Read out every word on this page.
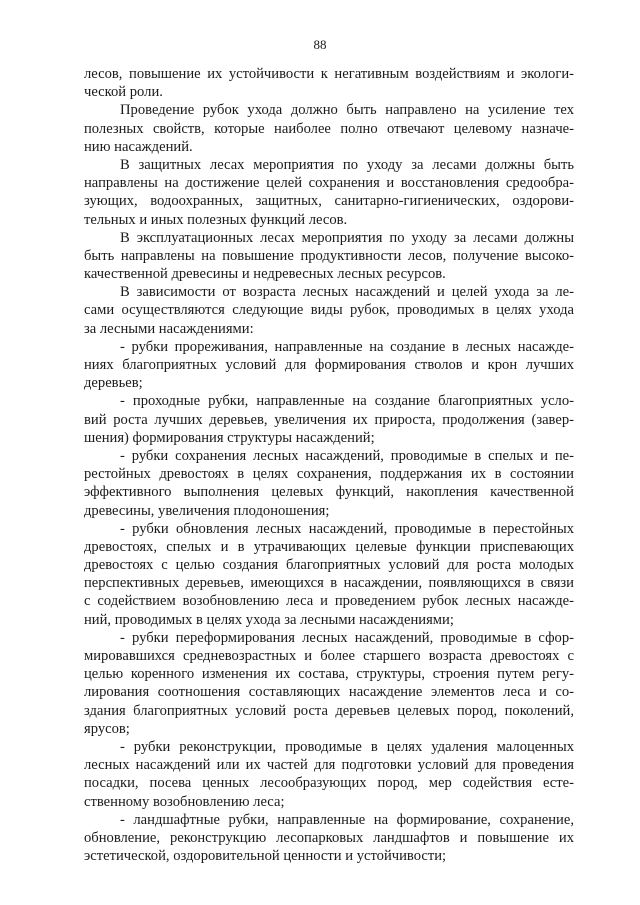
88
лесов, повышение их устойчивости к негативным воздействиям и экологи-
ческой роли.
Проведение рубок ухода должно быть направлено на усиление тех
полезных свойств, которые наиболее полно отвечают целевому назначе-
нию насаждений.
В защитных лесах мероприятия по уходу за лесами должны быть
направлены на достижение целей сохранения и восстановления средообра-
зующих, водоохранных, защитных, санитарно-гигиенических, оздорови-
тельных и иных полезных функций лесов.
В эксплуатационных лесах мероприятия по уходу за лесами должны
быть направлены на повышение продуктивности лесов, получение высоко-
качественной древесины и недревесных лесных ресурсов.
В зависимости от возраста лесных насаждений и целей ухода за ле-
сами осуществляются следующие виды рубок, проводимых в целях ухода
за лесными насаждениями:
- рубки прореживания, направленные на создание в лесных насажде-
ниях благоприятных условий для формирования стволов и крон лучших
деревьев;
- проходные рубки, направленные на создание благоприятных усло-
вий роста лучших деревьев, увеличения их прироста, продолжения (завер-
шения) формирования структуры насаждений;
- рубки сохранения лесных насаждений, проводимые в спелых и пе-
рестойных древостоях в целях сохранения, поддержания их в состоянии
эффективного выполнения целевых функций, накопления качественной
древесины, увеличения плодоношения;
- рубки обновления лесных насаждений, проводимые в перестойных
древостоях, спелых и в утрачивающих целевые функции приспевающих
древостоях с целью создания благоприятных условий для роста молодых
перспективных деревьев, имеющихся в насаждении, появляющихся в связи
с содействием возобновлению леса и проведением рубок лесных насажде-
ний, проводимых в целях ухода за лесными насаждениями;
- рубки переформирования лесных насаждений, проводимые в сфор-
мировавшихся средневозрастных и более старшего возраста древостоях с
целью коренного изменения их состава, структуры, строения путем регу-
лирования соотношения составляющих насаждение элементов леса и со-
здания благоприятных условий роста деревьев целевых пород, поколений,
ярусов;
- рубки реконструкции, проводимые в целях удаления малоценных
лесных насаждений или их частей для подготовки условий для проведения
посадки, посева ценных лесообразующих пород, мер содействия есте-
ственному возобновлению леса;
- ландшафтные рубки, направленные на формирование, сохранение,
обновление, реконструкцию лесопарковых ландшафтов и повышение их
эстетической, оздоровительной ценности и устойчивости;
